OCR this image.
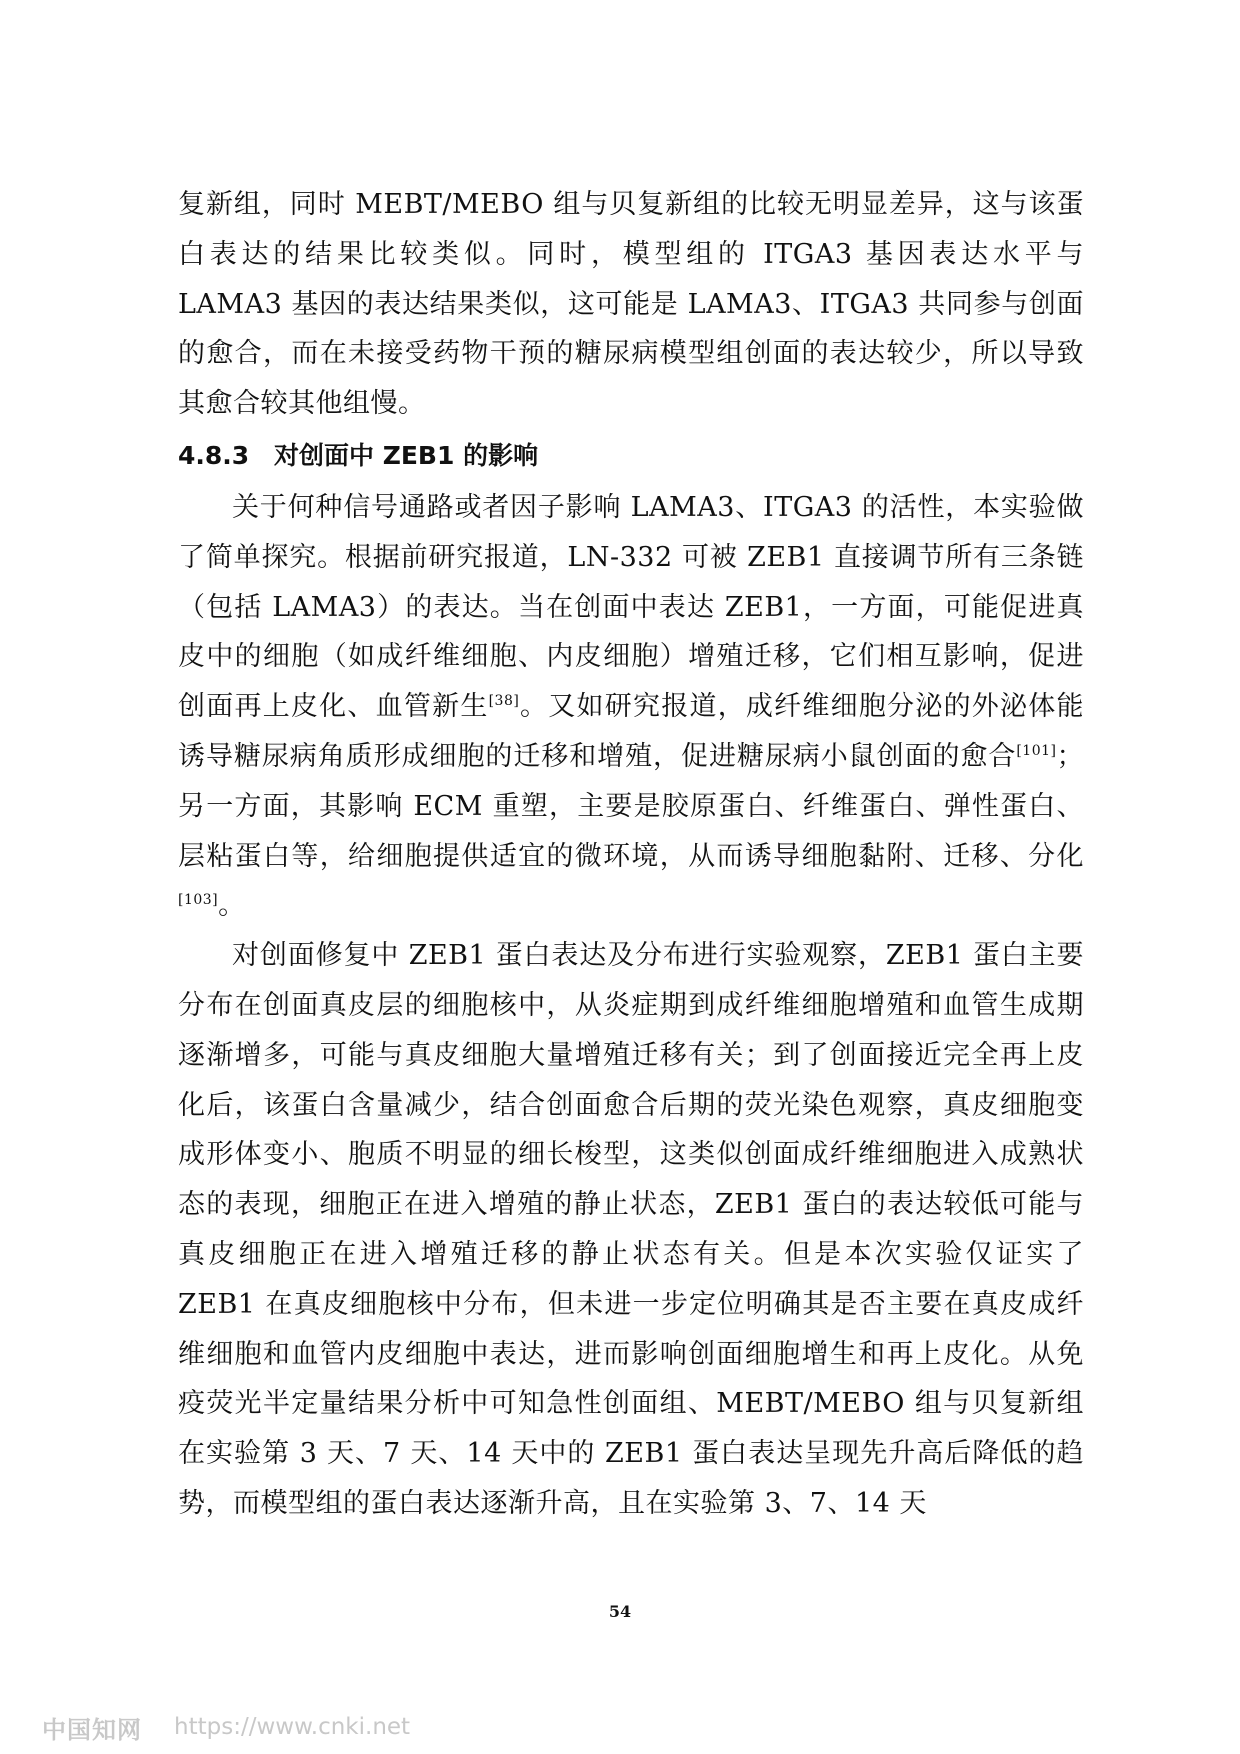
复新组，同时 MEBT/MEBO 组与贝复新组的比较无明显差异，这与该蛋白表达的结果比较类似。同时，模型组的 ITGA3 基因表达水平与 LAMA3 基因的表达结果类似，这可能是 LAMA3、ITGA3 共同参与创面的愈合，而在未接受药物干预的糖尿病模型组创面的表达较少，所以导致其愈合较其他组慢。

4.8.3 对创面中 ZEB1 的影响

关于何种信号通路或者因子影响 LAMA3、ITGA3 的活性，本实验做了简单探究。根据前研究报道，LN-332 可被 ZEB1 直接调节所有三条链（包括 LAMA3）的表达。当在创面中表达 ZEB1，一方面，可能促进真皮中的细胞（如成纤维细胞、内皮细胞）增殖迁移，它们相互影响，促进创面再上皮化、血管新生[38]。又如研究报道，成纤维细胞分泌的外泌体能诱导糖尿病角质形成细胞的迁移和增殖，促进糖尿病小鼠创面的愈合[101]；另一方面，其影响 ECM 重塑，主要是胶原蛋白、纤维蛋白、弹性蛋白、层粘蛋白等，给细胞提供适宜的微环境，从而诱导细胞黏附、迁移、分化[103]。

对创面修复中 ZEB1 蛋白表达及分布进行实验观察，ZEB1 蛋白主要分布在创面真皮层的细胞核中，从炎症期到成纤维细胞增殖和血管生成期逐渐增多，可能与真皮细胞大量增殖迁移有关；到了创面接近完全再上皮化后，该蛋白含量减少，结合创面愈合后期的荧光染色观察，真皮细胞变成形体变小、胞质不明显的细长梭型，这类似创面成纤维细胞进入成熟状态的表现，细胞正在进入增殖的静止状态，ZEB1 蛋白的表达较低可能与真皮细胞正在进入增殖迁移的静止状态有关。但是本次实验仅证实了 ZEB1 在真皮细胞核中分布，但未进一步定位明确其是否主要在真皮成纤维细胞和血管内皮细胞中表达，进而影响创面细胞增生和再上皮化。从免疫荧光半定量结果分析中可知急性创面组、MEBT/MEBO 组与贝复新组在实验第 3 天、7 天、14 天中的 ZEB1 蛋白表达呈现先升高后降低的趋势，而模型组的蛋白表达逐渐升高，且在实验第 3、7、14 天

54
中国知网 https://www.cnki.net
